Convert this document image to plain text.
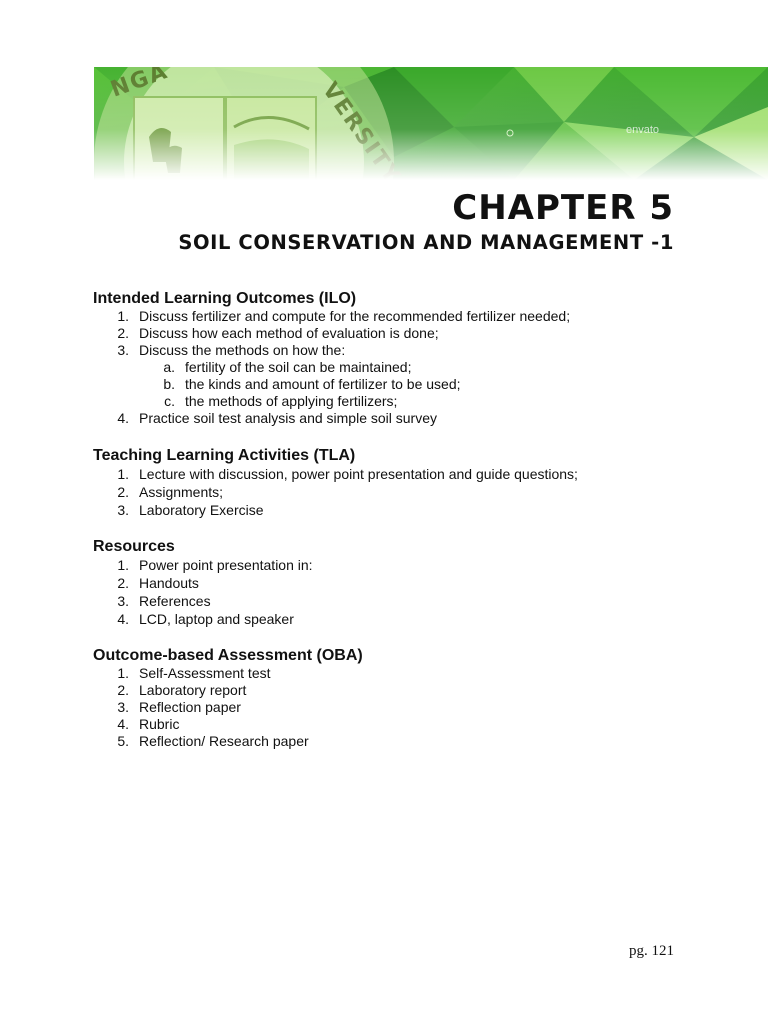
envato
CHAPTER 5
SOIL CONSERVATION AND MANAGEMENT -1
Intended Learning Outcomes (ILO)
1. Discuss fertilizer and compute for the recommended fertilizer needed;
2. Discuss how each method of evaluation is done;
3. Discuss the methods on how the:
a. fertility of the soil can be maintained;
b. the kinds and amount of fertilizer to be used;
c. the methods of applying fertilizers;
4. Practice soil test analysis and simple soil survey
Teaching Learning Activities (TLA)
1. Lecture with discussion, power point presentation and guide questions;
2. Assignments;
3. Laboratory Exercise
Resources
1. Power point presentation in:
2. Handouts
3. References
4. LCD, laptop and speaker
Outcome-based Assessment (OBA)
1. Self-Assessment test
2. Laboratory report
3. Reflection paper
4. Rubric
5. Reflection/ Research paper
pg. 121
